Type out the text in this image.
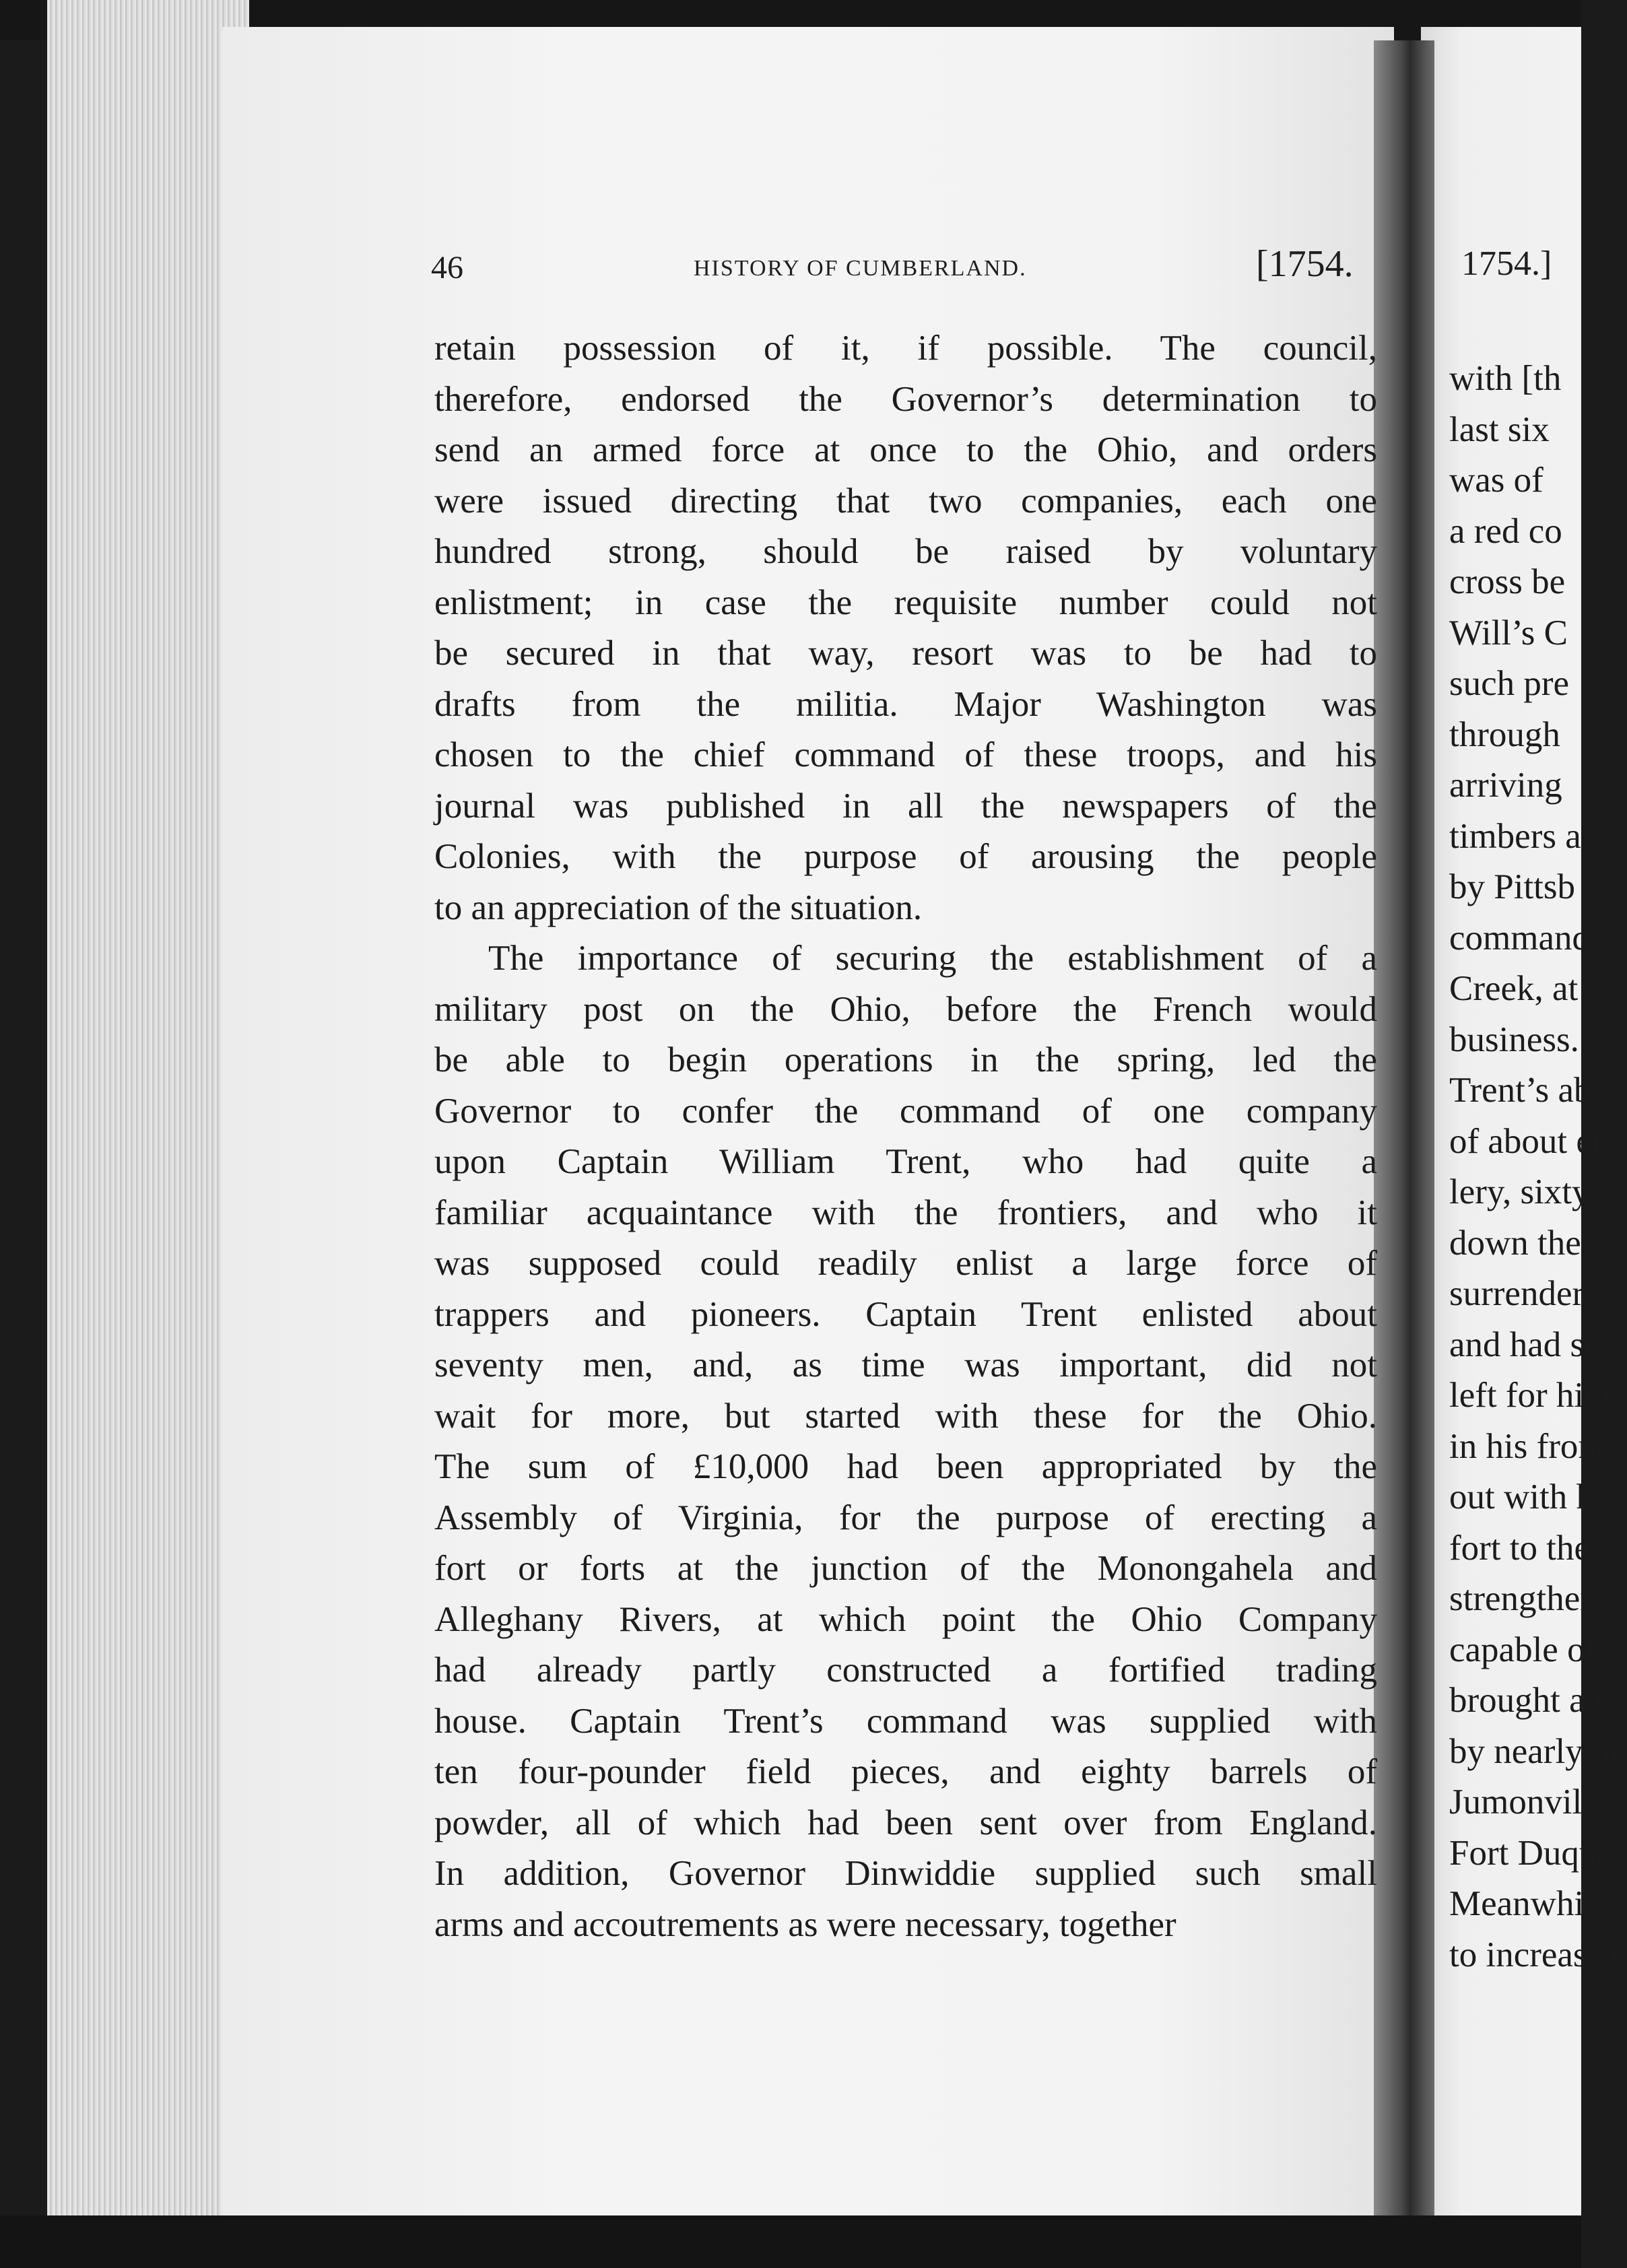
1754.]
with [th
last six
was of
a red co
cross be
Will’s C
such pre
through
arriving
timbers a
by Pittsb
command
Creek, at
business.
Trent’s ab
of about ei
lery, sixty
down the
surrender
and had sc
left for him
in his front
out with h
fort to the
strengthen
capable of
brought aga
by nearly or
Jumonville,
Fort Duques
Meanwhile
to increase t
46	HISTORY OF CUMBERLAND.	[1754.
retain possession of it, if possible. The council,
therefore, endorsed the Governor’s determination to
send an armed force at once to the Ohio, and orders
were issued directing that two companies, each one
hundred strong, should be raised by voluntary
enlistment; in case the requisite number could not
be secured in that way, resort was to be had to
drafts from the militia. Major Washington was
chosen to the chief command of these troops, and his
journal was published in all the newspapers of the
Colonies, with the purpose of arousing the people
to an appreciation of the situation.
The importance of securing the establishment of a
military post on the Ohio, before the French would
be able to begin operations in the spring, led the
Governor to confer the command of one company
upon Captain William Trent, who had quite a
familiar acquaintance with the frontiers, and who it
was supposed could readily enlist a large force of
trappers and pioneers. Captain Trent enlisted about
seventy men, and, as time was important, did not
wait for more, but started with these for the Ohio.
The sum of £10,000 had been appropriated by the
Assembly of Virginia, for the purpose of erecting a
fort or forts at the junction of the Monongahela and
Alleghany Rivers, at which point the Ohio Company
had already partly constructed a fortified trading
house. Captain Trent’s command was supplied with
ten four-pounder field pieces, and eighty barrels of
powder, all of which had been sent over from England.
In addition, Governor Dinwiddie supplied such small
arms and accoutrements as were necessary, together
